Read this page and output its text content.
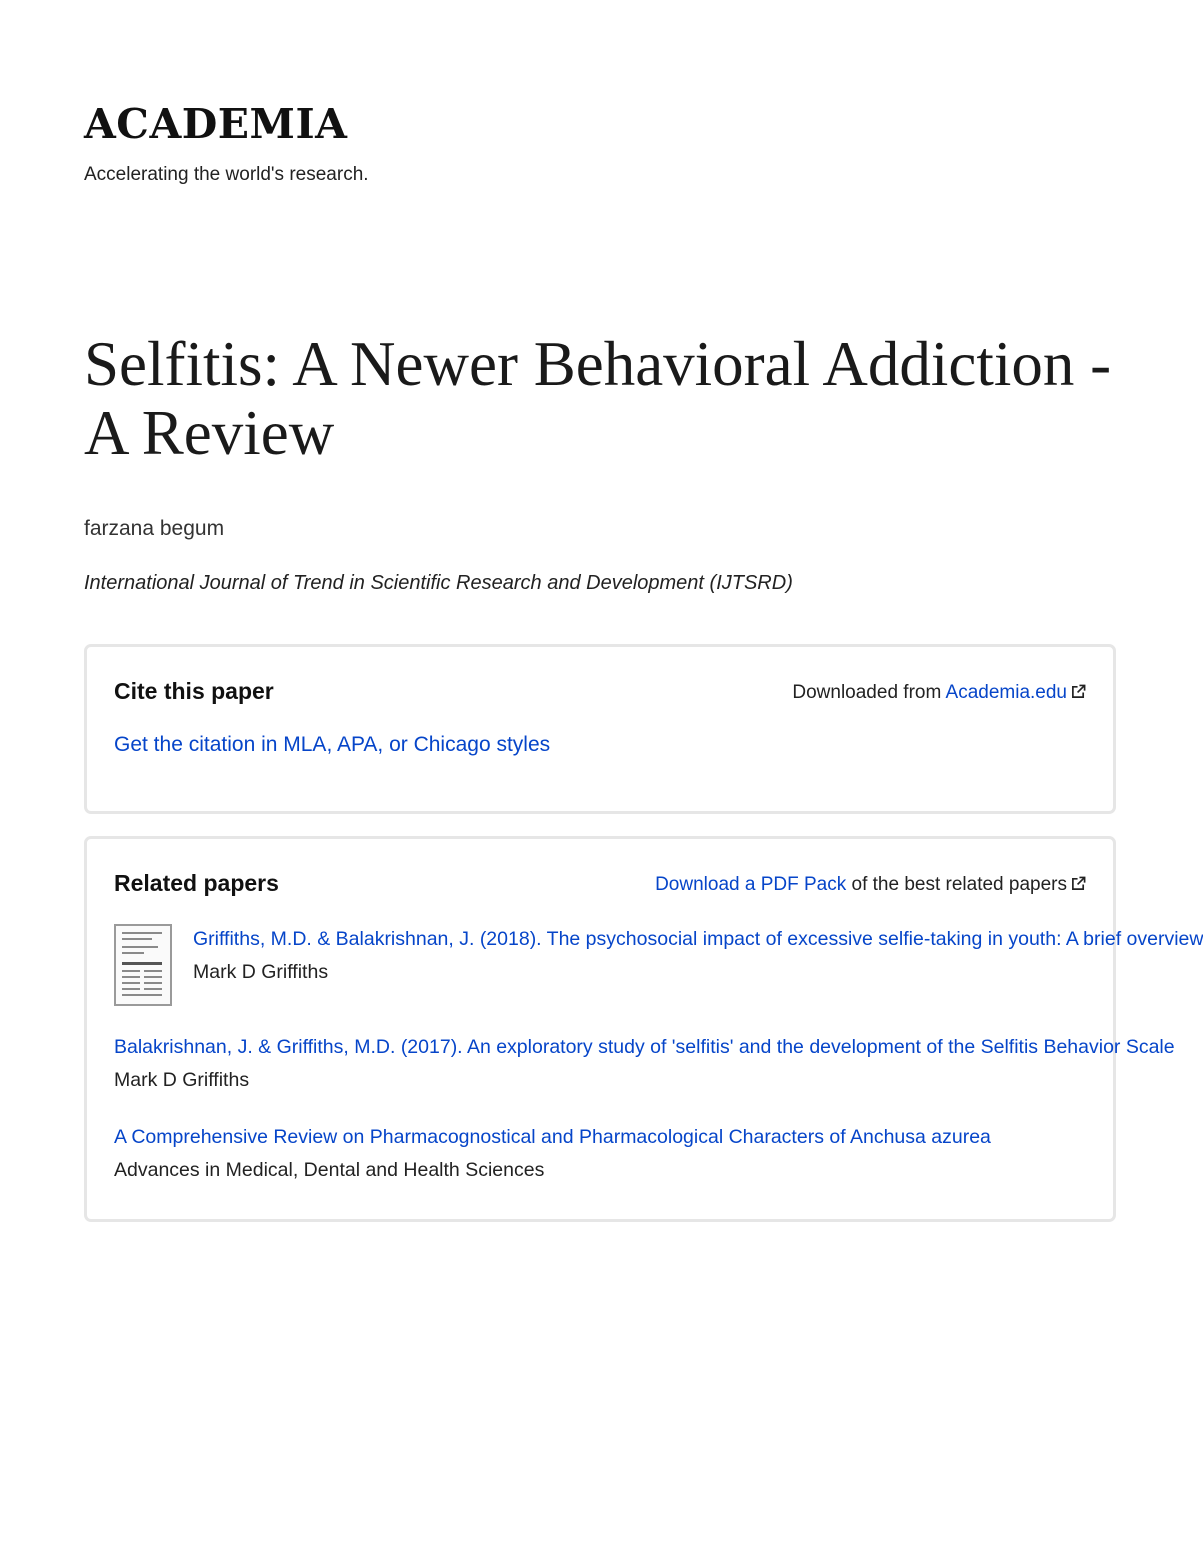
ACADEMIA
Accelerating the world's research.
Selfitis: A Newer Behavioral Addiction -A Review
farzana begum
International Journal of Trend in Scientific Research and Development (IJTSRD)
Cite this paper	Downloaded from Academia.edu
Get the citation in MLA, APA, or Chicago styles
Related papers	Download a PDF Pack of the best related papers
Griffiths, M.D. & Balakrishnan, J. (2018). The psychosocial impact of excessive selfie-taking in youth: A brief overview
Mark D Griffiths
Balakrishnan, J. & Griffiths, M.D. (2017). An exploratory study of 'selfitis' and the development of the Selfitis Behavior Scale
Mark D Griffiths
A Comprehensive Review on Pharmacognostical and Pharmacological Characters of Anchusa azurea
Advances in Medical, Dental and Health Sciences
